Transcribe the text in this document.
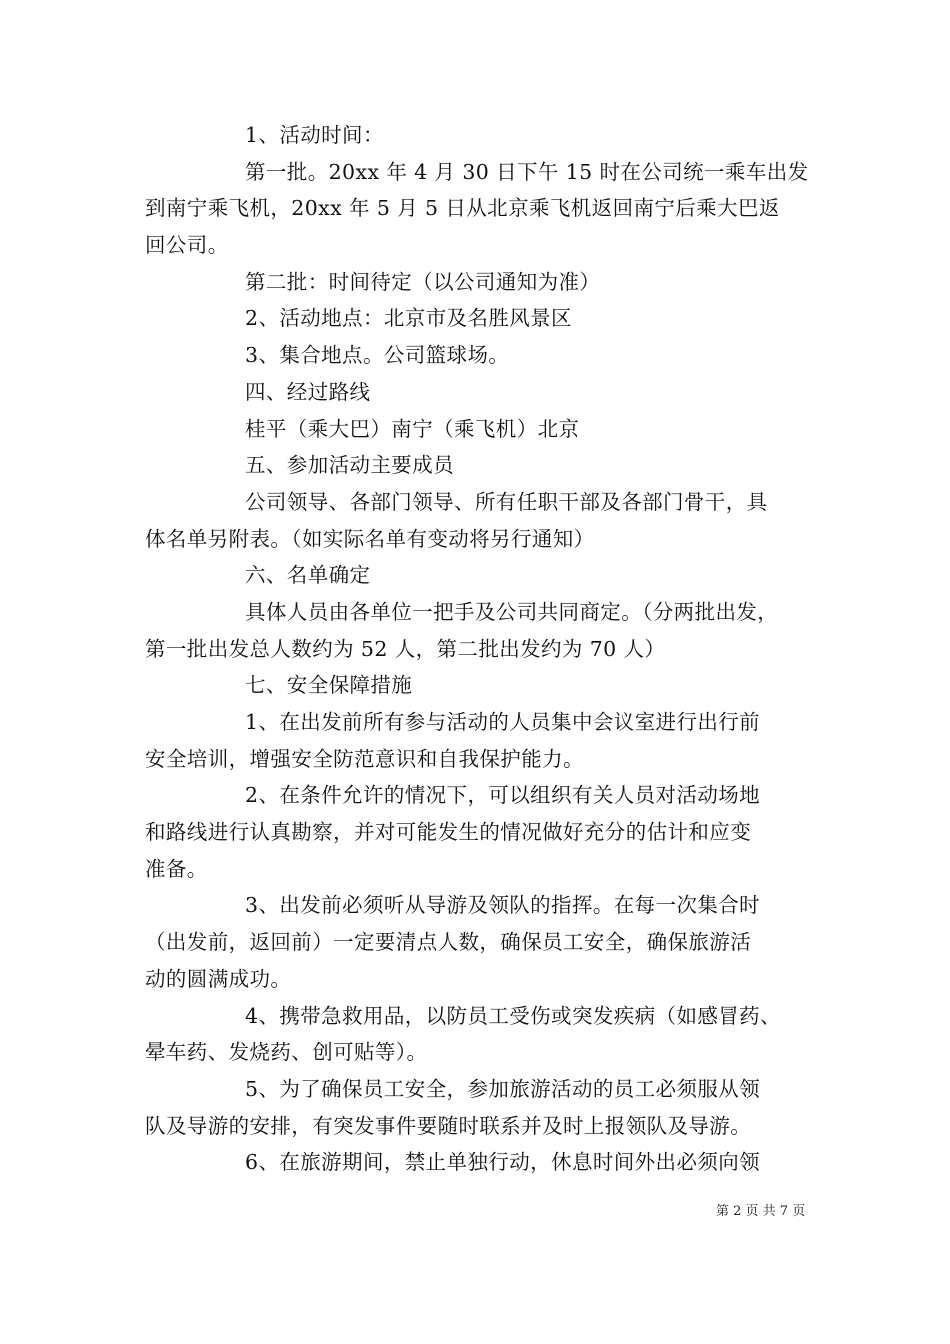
1、活动时间：
第一批。20xx 年 4 月 30 日下午 15 时在公司统一乘车出发
到南宁乘飞机，20xx 年 5 月 5 日从北京乘飞机返回南宁后乘大巴返
回公司。
第二批：时间待定（以公司通知为准）
2、活动地点：北京市及名胜风景区
3、集合地点。公司篮球场。
四、经过路线
桂平（乘大巴）南宁（乘飞机）北京
五、参加活动主要成员
公司领导、各部门领导、所有任职干部及各部门骨干，具
体名单另附表。（如实际名单有变动将另行通知）
六、名单确定
具体人员由各单位一把手及公司共同商定。（分两批出发，
第一批出发总人数约为 52 人，第二批出发约为 70 人）
七、安全保障措施
1、在出发前所有参与活动的人员集中会议室进行出行前
安全培训，增强安全防范意识和自我保护能力。
2、在条件允许的情况下，可以组织有关人员对活动场地
和路线进行认真勘察，并对可能发生的情况做好充分的估计和应变
准备。
3、出发前必须听从导游及领队的指挥。在每一次集合时
（出发前，返回前）一定要清点人数，确保员工安全，确保旅游活
动的圆满成功。
4、携带急救用品，以防员工受伤或突发疾病（如感冒药、
晕车药、发烧药、创可贴等）。
5、为了确保员工安全，参加旅游活动的员工必须服从领
队及导游的安排，有突发事件要随时联系并及时上报领队及导游。
6、在旅游期间，禁止单独行动，休息时间外出必须向领
第 2 页 共 7 页
